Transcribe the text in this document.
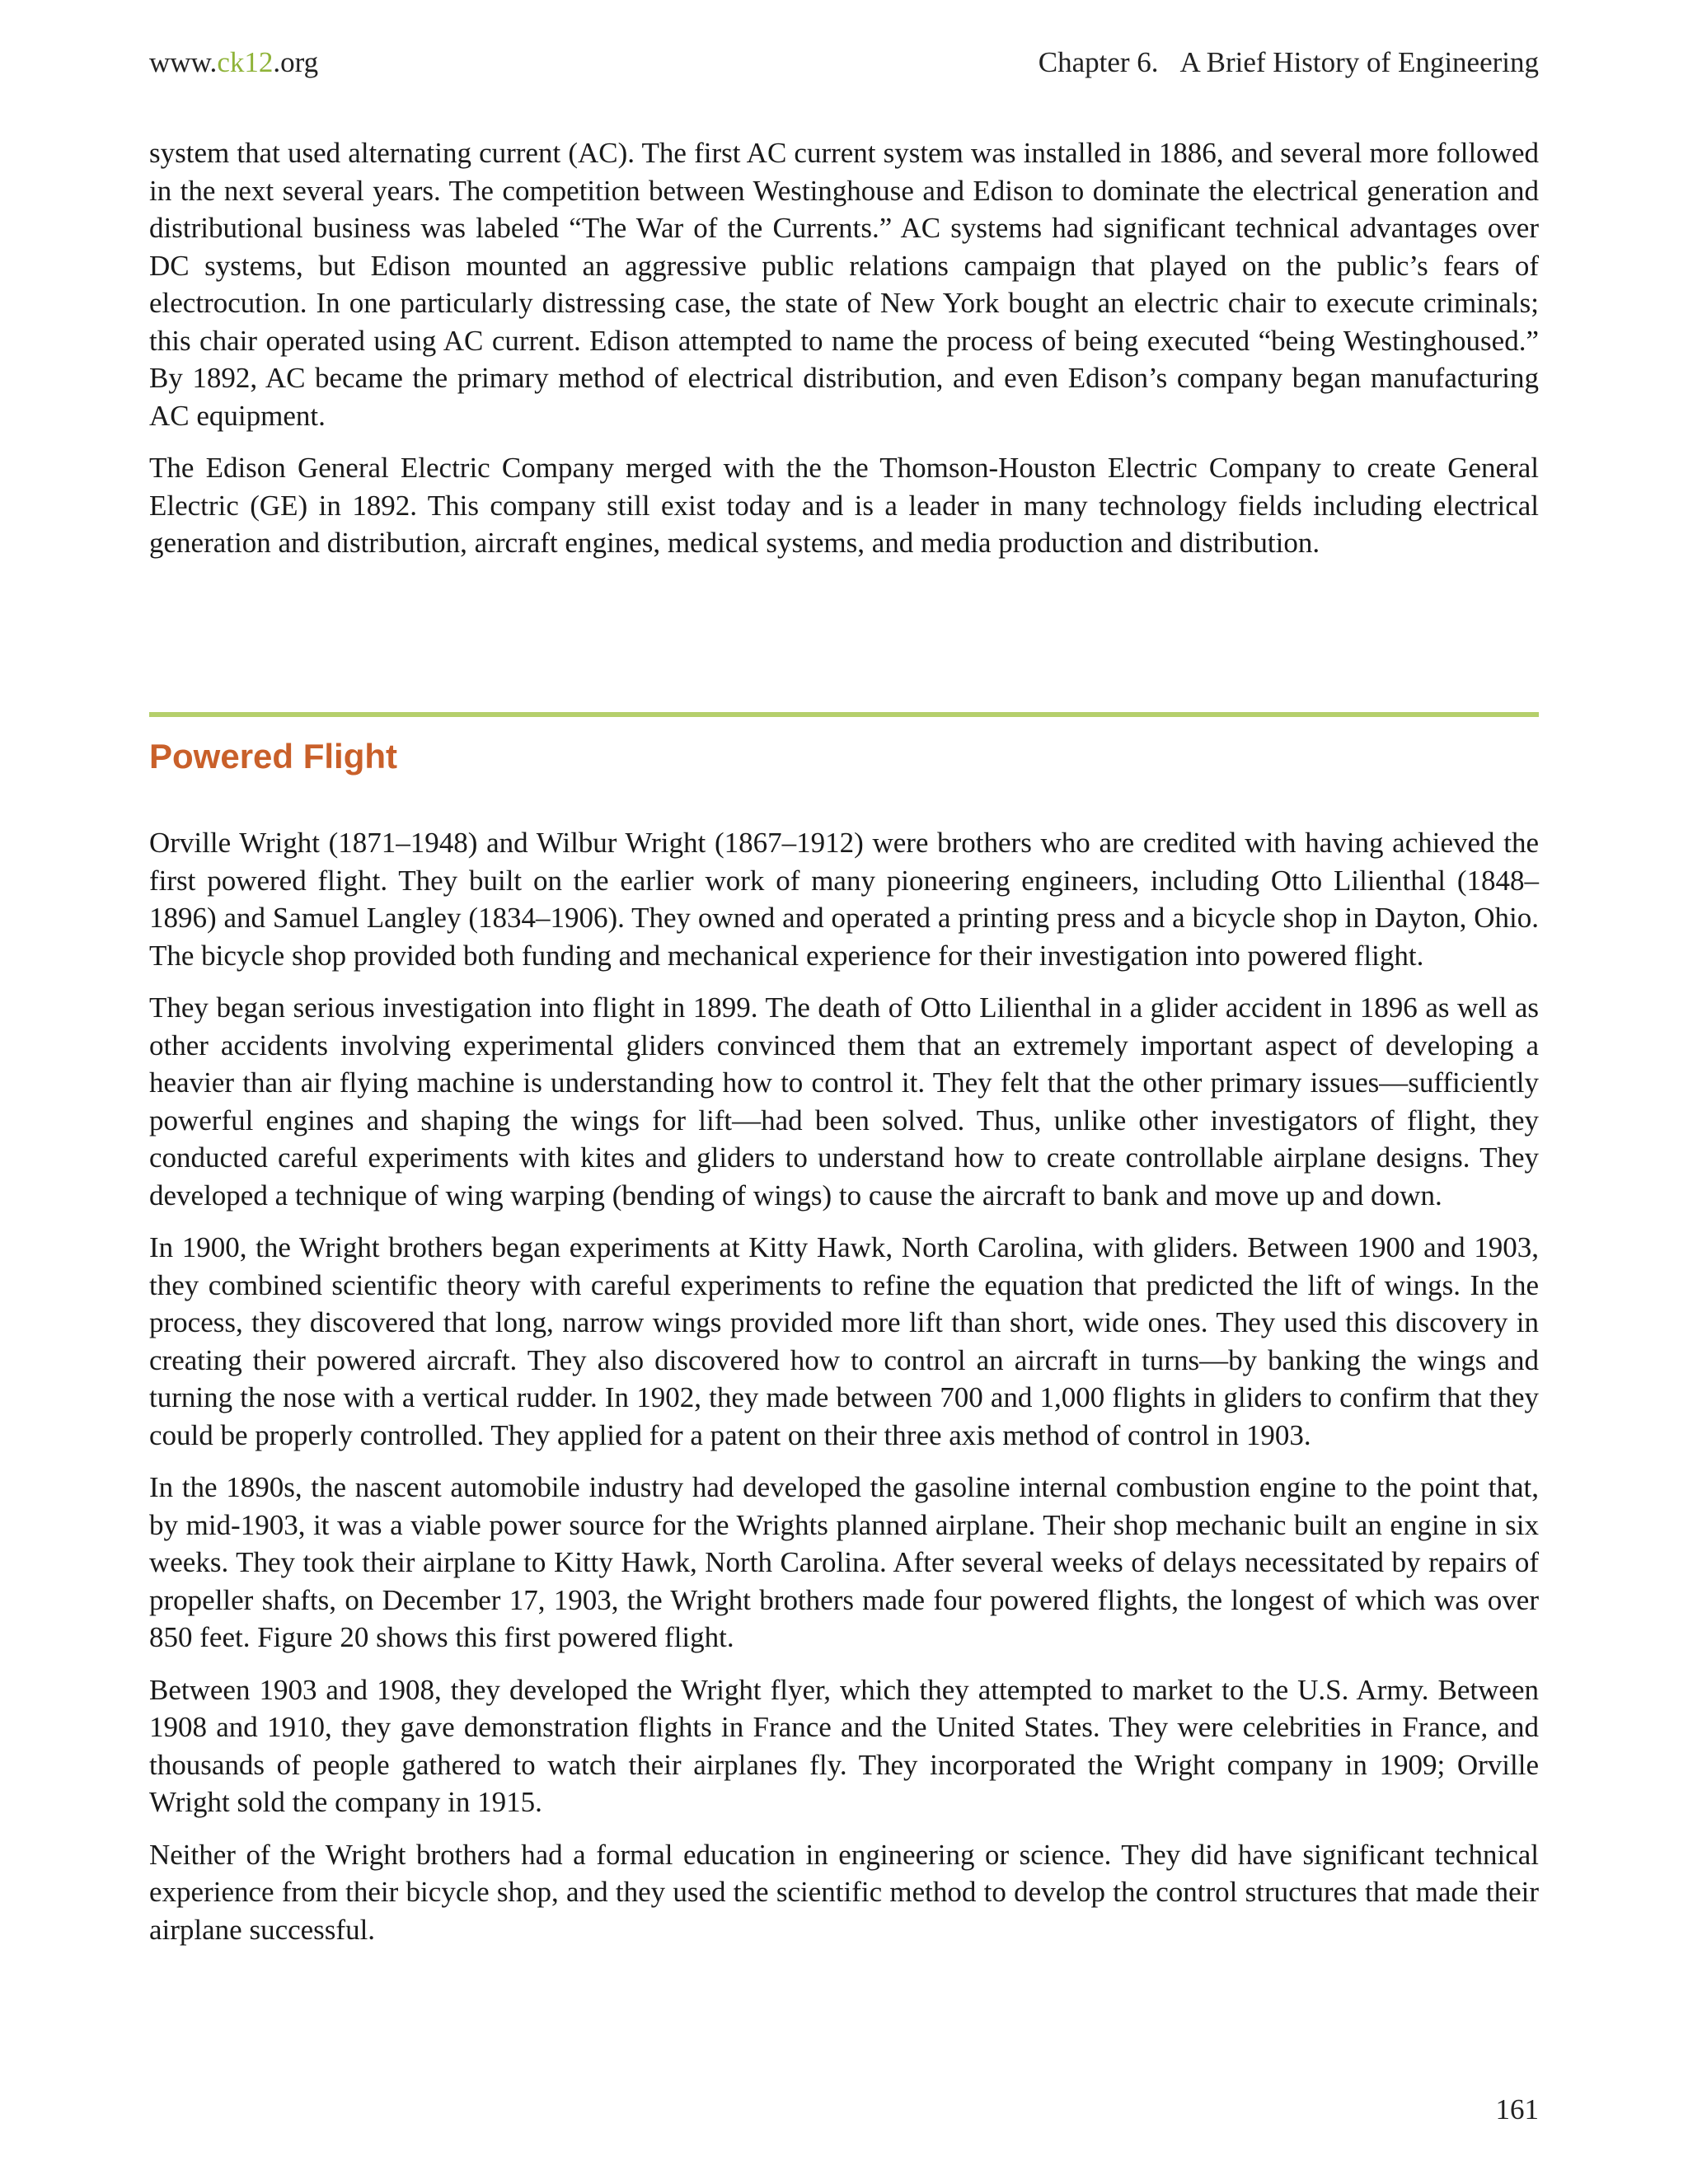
www.ck12.org	Chapter 6. A Brief History of Engineering

system that used alternating current (AC). The first AC current system was installed in 1886, and several more followed in the next several years. The competition between Westinghouse and Edison to dominate the electrical generation and distributional business was labeled “The War of the Currents.” AC systems had significant technical advantages over DC systems, but Edison mounted an aggressive public relations campaign that played on the public’s fears of electrocution. In one particularly distressing case, the state of New York bought an electric chair to execute criminals; this chair operated using AC current. Edison attempted to name the process of being executed “being Westinghoused.” By 1892, AC became the primary method of electrical distribution, and even Edison’s company began manufacturing AC equipment.

The Edison General Electric Company merged with the the Thomson-Houston Electric Company to create General Electric (GE) in 1892. This company still exist today and is a leader in many technology fields including electrical generation and distribution, aircraft engines, medical systems, and media production and distribution.

Powered Flight

Orville Wright (1871–1948) and Wilbur Wright (1867–1912) were brothers who are credited with having achieved the first powered flight. They built on the earlier work of many pioneering engineers, including Otto Lilienthal (1848–1896) and Samuel Langley (1834–1906). They owned and operated a printing press and a bicycle shop in Dayton, Ohio. The bicycle shop provided both funding and mechanical experience for their investigation into powered flight.

They began serious investigation into flight in 1899. The death of Otto Lilienthal in a glider accident in 1896 as well as other accidents involving experimental gliders convinced them that an extremely important aspect of developing a heavier than air flying machine is understanding how to control it. They felt that the other primary issues—sufficiently powerful engines and shaping the wings for lift—had been solved. Thus, unlike other investigators of flight, they conducted careful experiments with kites and gliders to understand how to create controllable airplane designs. They developed a technique of wing warping (bending of wings) to cause the aircraft to bank and move up and down.

In 1900, the Wright brothers began experiments at Kitty Hawk, North Carolina, with gliders. Between 1900 and 1903, they combined scientific theory with careful experiments to refine the equation that predicted the lift of wings. In the process, they discovered that long, narrow wings provided more lift than short, wide ones. They used this discovery in creating their powered aircraft. They also discovered how to control an aircraft in turns—by banking the wings and turning the nose with a vertical rudder. In 1902, they made between 700 and 1,000 flights in gliders to confirm that they could be properly controlled. They applied for a patent on their three axis method of control in 1903.

In the 1890s, the nascent automobile industry had developed the gasoline internal combustion engine to the point that, by mid-1903, it was a viable power source for the Wrights planned airplane. Their shop mechanic built an engine in six weeks. They took their airplane to Kitty Hawk, North Carolina. After several weeks of delays necessitated by repairs of propeller shafts, on December 17, 1903, the Wright brothers made four powered flights, the longest of which was over 850 feet. Figure 20 shows this first powered flight.

Between 1903 and 1908, they developed the Wright flyer, which they attempted to market to the U.S. Army. Between 1908 and 1910, they gave demonstration flights in France and the United States. They were celebrities in France, and thousands of people gathered to watch their airplanes fly. They incorporated the Wright company in 1909; Orville Wright sold the company in 1915.

Neither of the Wright brothers had a formal education in engineering or science. They did have significant technical experience from their bicycle shop, and they used the scientific method to develop the control structures that made their airplane successful.

161
